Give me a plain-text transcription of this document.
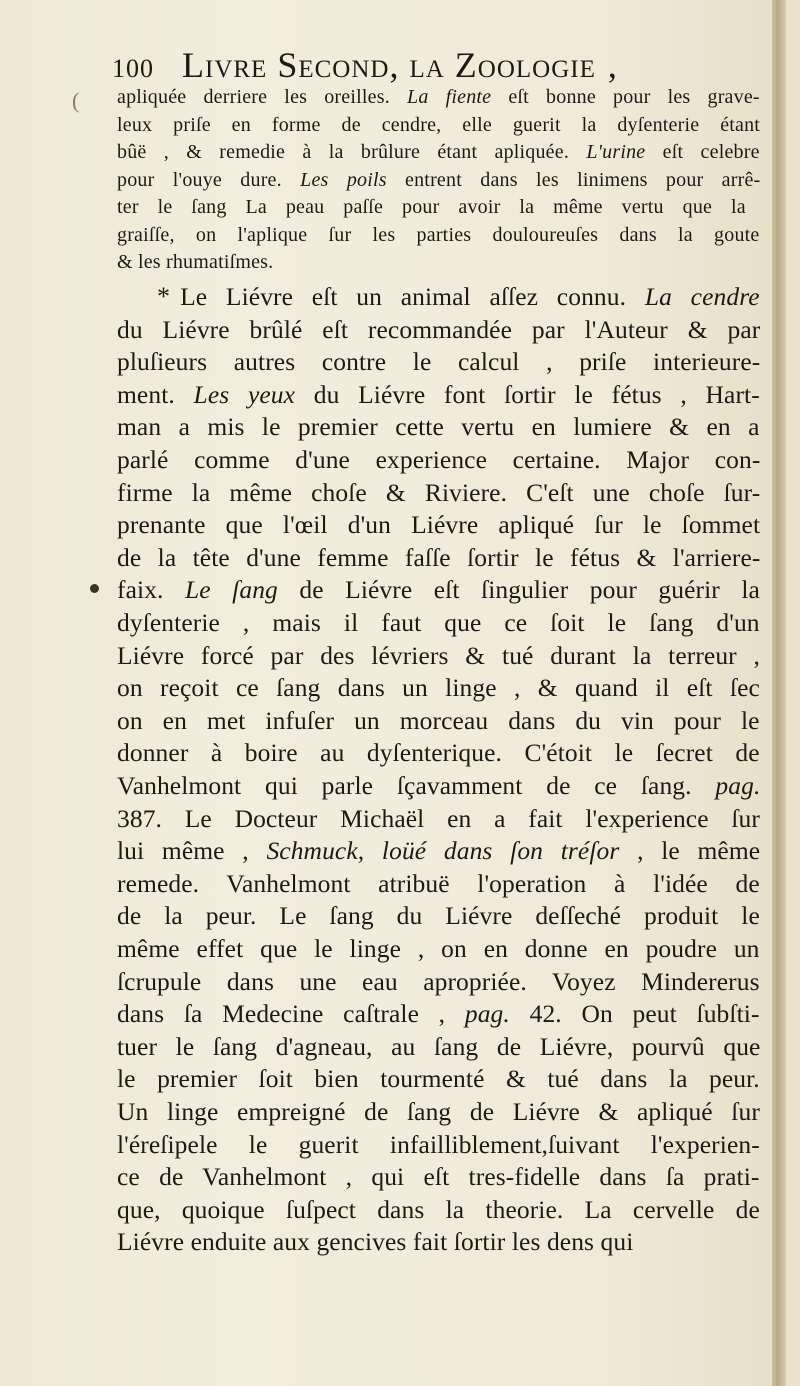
100 Livre Second, la Zoologie ,
( apliquée derriere les oreilles. La fiente eſt bonne pour les grave-
leux priſe en forme de cendre, elle guerit la dyſenterie étant
bûë , & remedie à la brûlure étant apliquée. L'urine eſt celebre
pour l'ouye dure. Les poils entrent dans les linimens pour arrê-
ter le ſang La peau paſſe pour avoir la même vertu que la
graiſſe, on l'aplique ſur les parties douloureuſes dans la goute
& les rhumatiſmes.
* Le Liévre eſt un animal aſſez connu. La cendre
du Liévre brûlé eſt recommandée par l'Auteur & par
pluſieurs autres contre le calcul , priſe interieure-
ment. Les yeux du Liévre font ſortir le fétus , Hart-
man a mis le premier cette vertu en lumiere & en a
parlé comme d'une experience certaine. Major con-
firme la même choſe & Riviere. C'eſt une choſe ſur-
prenante que l'œil d'un Liévre apliqué ſur le ſommet
de la tête d'une femme faſſe ſortir le fétus & l'arriere-
faix. Le ſang de Liévre eſt ſingulier pour guérir la
dyſenterie , mais il faut que ce ſoit le ſang d'un
Liévre forcé par des lévriers & tué durant la terreur ,
on reçoit ce ſang dans un linge , & quand il eſt ſec
on en met infuſer un morceau dans du vin pour le
donner à boire au dyſenterique. C'étoit le ſecret de
Vanhelmont qui parle ſçavamment de ce ſang. pag.
387. Le Docteur Michaël en a fait l'experience ſur
lui même , Schmuck, loüé dans ſon tréſor , le même
remede. Vanhelmont atribuë l'operation à l'idée de
de la peur. Le ſang du Liévre deſſeché produit le
même effet que le linge , on en donne en poudre un
ſcrupule dans une eau apropriée. Voyez Mindererus
dans ſa Medecine caſtrale , pag. 42. On peut ſubſti-
tuer le ſang d'agneau, au ſang de Liévre, pourvû que
le premier ſoit bien tourmenté & tué dans la peur.
Un linge empreigné de ſang de Liévre & apliqué ſur
l'éreſipele le guerit infailliblement,ſuivant l'experien-
ce de Vanhelmont , qui eſt tres-fidelle dans ſa prati-
que, quoique ſuſpect dans la theorie. La cervelle de
Liévre enduite aux gencives fait ſortir les dens qui
